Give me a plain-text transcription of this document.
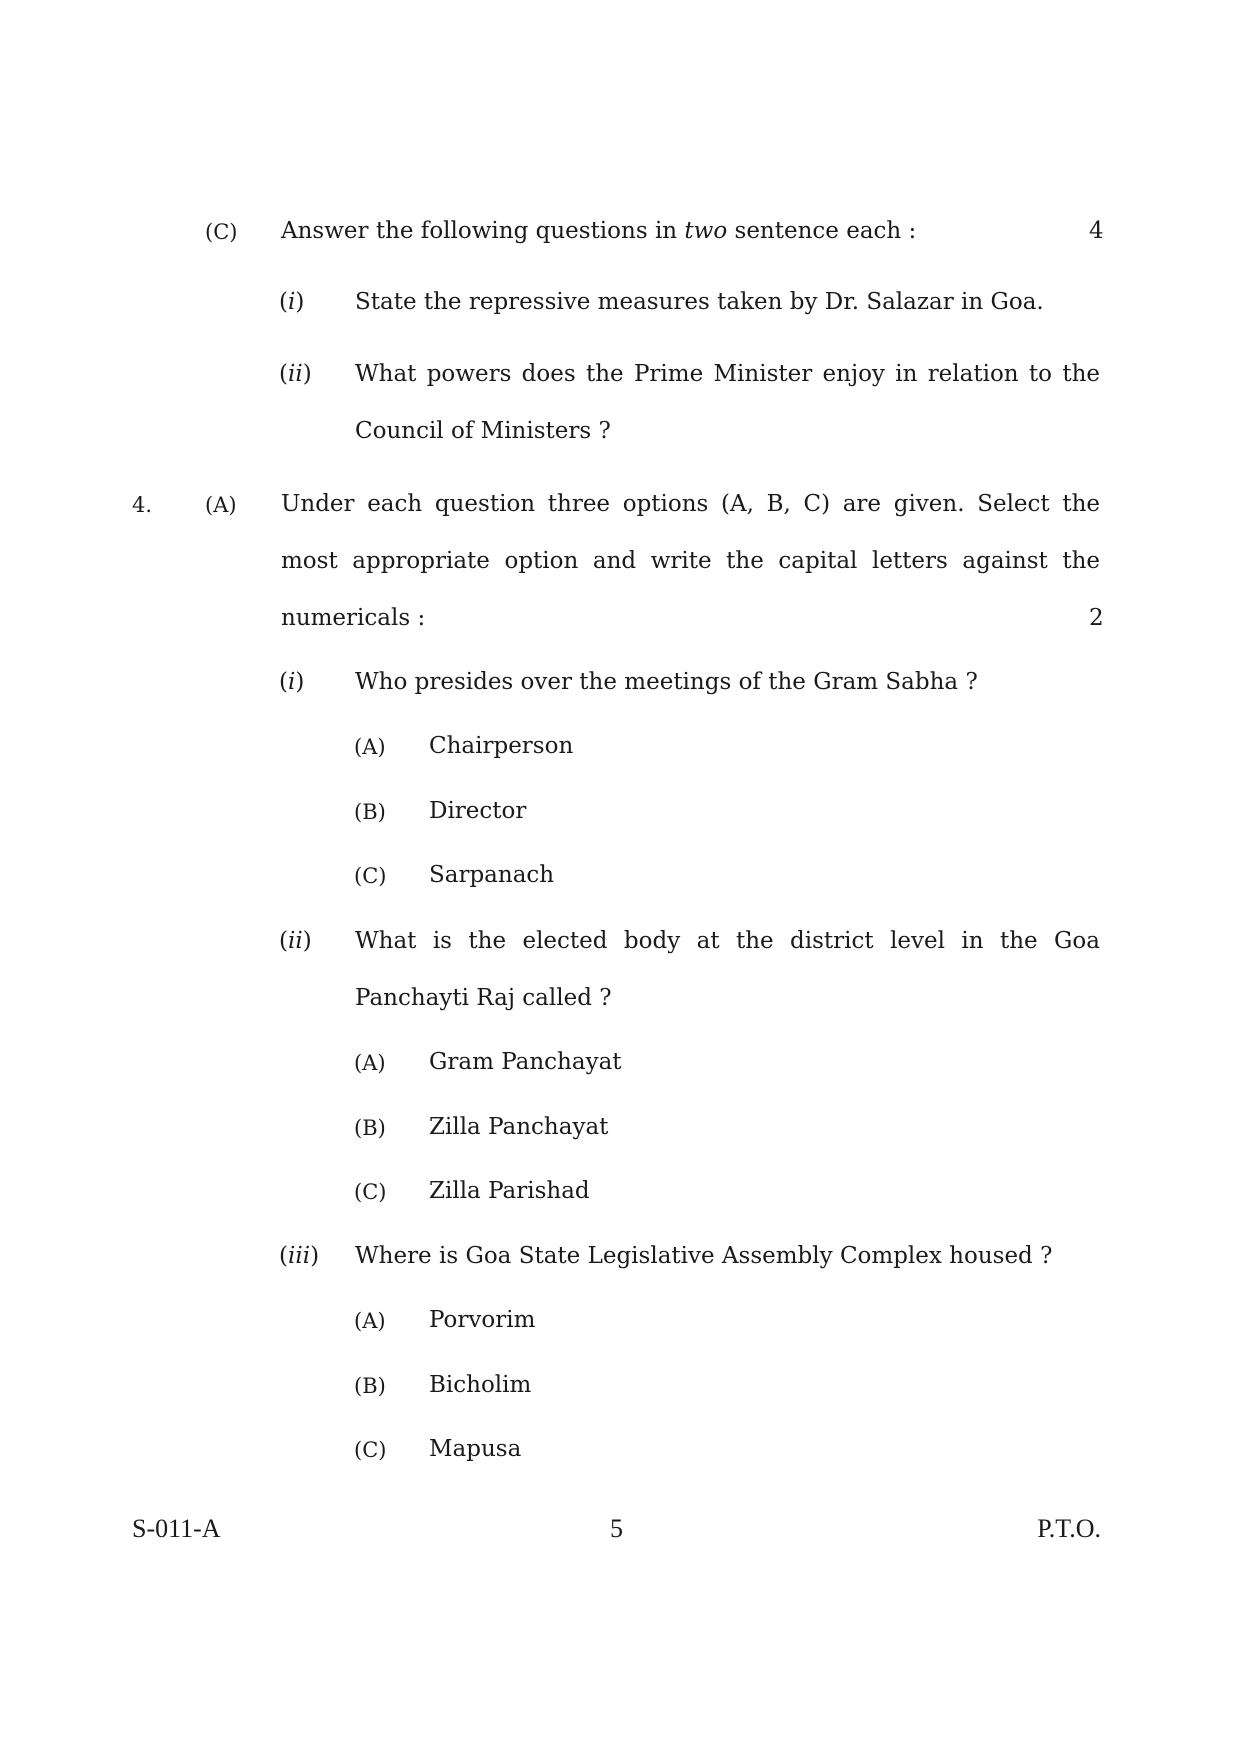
(C) Answer the following questions in two sentence each :	4
(i) State the repressive measures taken by Dr. Salazar in Goa.
(ii) What powers does the Prime Minister enjoy in relation to the
Council of Ministers ?
4.	(A) Under each question three options (A, B, C) are given. Select the
most appropriate option and write the capital letters against the
numericals :	2
(i) Who presides over the meetings of the Gram Sabha ?
(A) Chairperson
(B) Director
(C) Sarpanach
(ii) What is the elected body at the district level in the Goa
Panchayti Raj called ?
(A) Gram Panchayat
(B) Zilla Panchayat
(C) Zilla Parishad
(iii) Where is Goa State Legislative Assembly Complex housed ?
(A) Porvorim
(B) Bicholim
(C) Mapusa
S-011-A	5	P.T.O.
